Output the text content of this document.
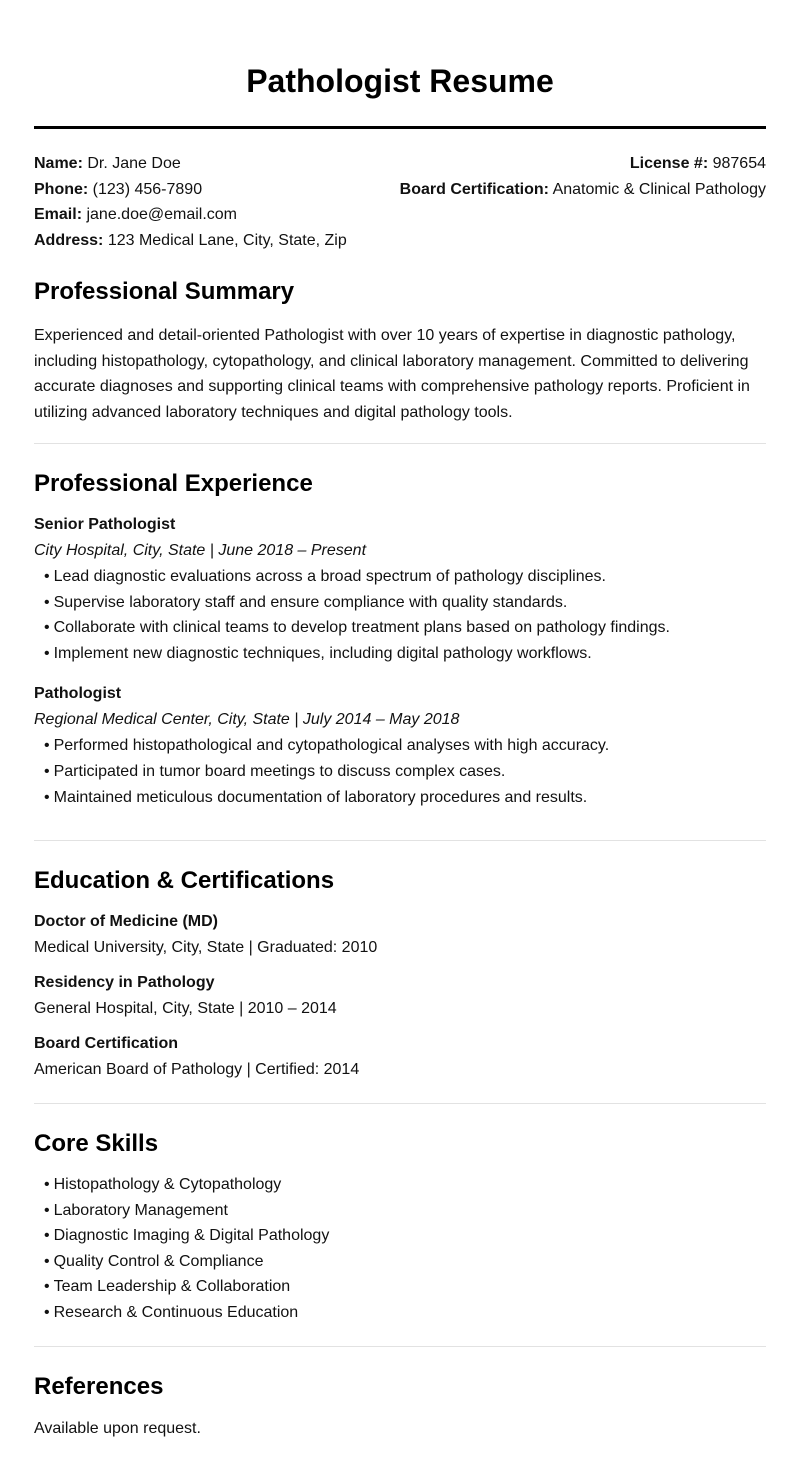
Pathologist Resume
Name: Dr. Jane Doe
Phone: (123) 456-7890
Email: jane.doe@email.com
Address: 123 Medical Lane, City, State, Zip
License #: 987654
Board Certification: Anatomic & Clinical Pathology
Professional Summary

Experienced and detail-oriented Pathologist with over 10 years of expertise in diagnostic pathology, including histopathology, cytopathology, and clinical laboratory management. Committed to delivering accurate diagnoses and supporting clinical teams with comprehensive pathology reports. Proficient in utilizing advanced laboratory techniques and digital pathology tools.

Professional Experience

Senior Pathologist

City Hospital, City, State | June 2018 – Present

• Lead diagnostic evaluations across a broad spectrum of pathology disciplines.
• Supervise laboratory staff and ensure compliance with quality standards.
• Collaborate with clinical teams to develop treatment plans based on pathology findings.
• Implement new diagnostic techniques, including digital pathology workflows.

Pathologist

Regional Medical Center, City, State | July 2014 – May 2018

• Performed histopathological and cytopathological analyses with high accuracy.
• Participated in tumor board meetings to discuss complex cases.
• Maintained meticulous documentation of laboratory procedures and results.
Education & Certifications

Doctor of Medicine (MD)

Medical University, City, State | Graduated: 2010

Residency in Pathology

General Hospital, City, State | 2010 – 2014

Board Certification

American Board of Pathology | Certified: 2014

Core Skills
• Histopathology & Cytopathology
• Laboratory Management
• Diagnostic Imaging & Digital Pathology
• Quality Control & Compliance
• Team Leadership & Collaboration
• Research & Continuous Education
References

Available upon request.
